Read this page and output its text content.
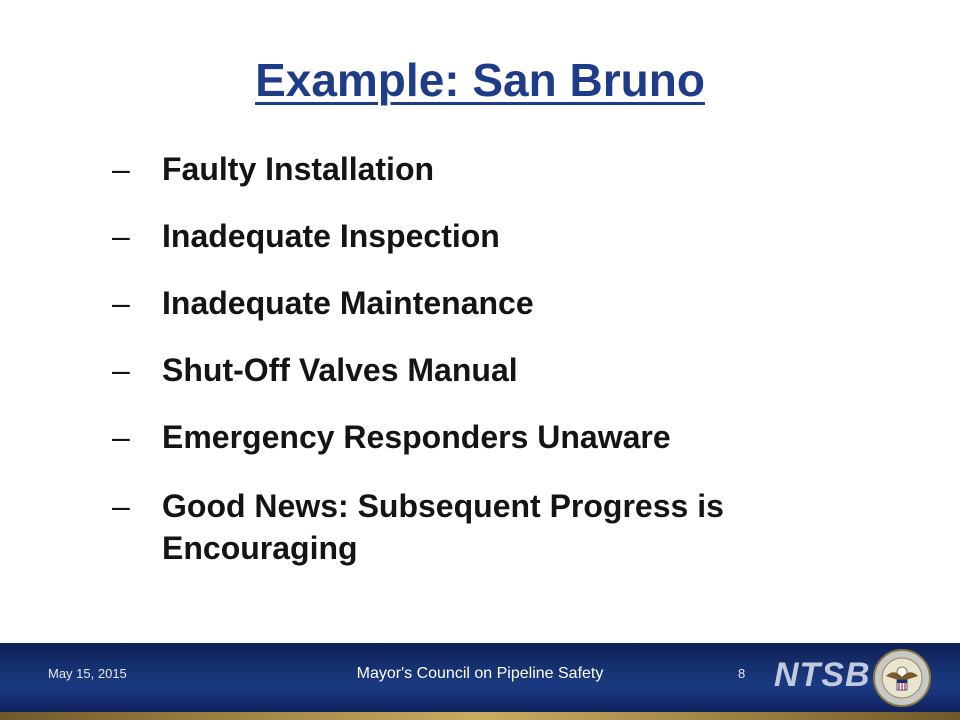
Example: San Bruno
– Faulty Installation
– Inadequate Inspection
– Inadequate Maintenance
– Shut-Off Valves Manual
– Emergency Responders Unaware
– Good News: Subsequent Progress is Encouraging
May 15, 2015	Mayor's Council on Pipeline Safety	8 NTSB
